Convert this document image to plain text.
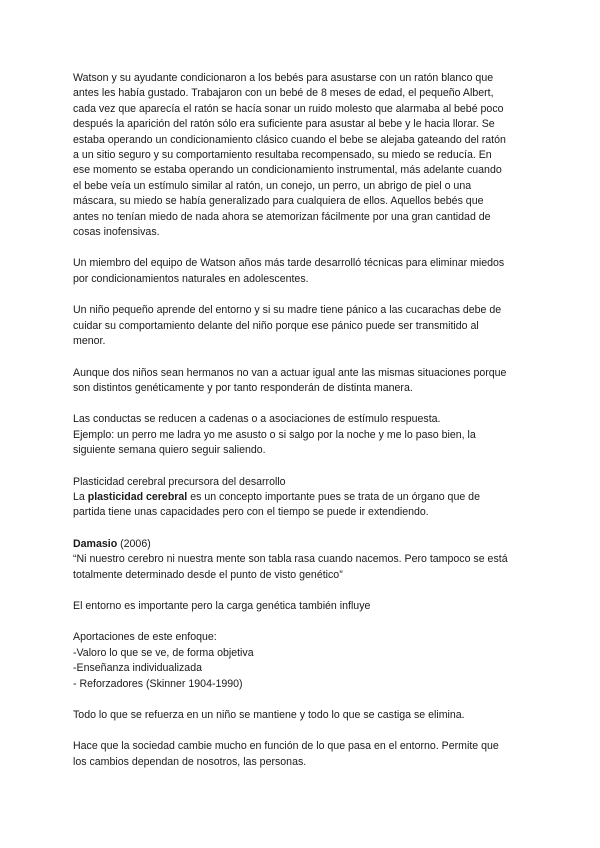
Watson y su ayudante condicionaron a los bebés para asustarse con un ratón blanco que
antes les había gustado. Trabajaron con un bebé de 8 meses de edad, el pequeño Albert,
cada vez que aparecía el ratón se hacía sonar un ruido molesto que alarmaba al bebé poco
después la aparición del ratón sólo era suficiente para asustar al bebe y le hacia llorar. Se
estaba operando un condicionamiento clásico cuando el bebe se alejaba gateando del ratón
a un sitio seguro y su comportamiento resultaba recompensado, su miedo se reducía. En
ese momento se estaba operando un condicionamiento instrumental, más adelante cuando
el bebe veía un estímulo similar al ratón, un conejo, un perro, un abrigo de piel o una
máscara, su miedo se había generalizado para cualquiera de ellos. Aquellos bebés que
antes no tenían miedo de nada ahora se atemorizan fácilmente por una gran cantidad de
cosas inofensivas.

Un miembro del equipo de Watson años más tarde desarrolló técnicas para eliminar miedos
por condicionamientos naturales en adolescentes.

Un niño pequeño aprende del entorno y si su madre tiene pánico a las cucarachas debe de
cuidar su comportamiento delante del niño porque ese pánico puede ser transmitido al
menor.

Aunque dos niños sean hermanos no van a actuar igual ante las mismas situaciones porque
son distintos genéticamente y por tanto responderán de distinta manera.

Las conductas se reducen a cadenas o a asociaciones de estímulo respuesta.
Ejemplo: un perro me ladra yo me asusto o si salgo por la noche y me lo paso bien, la
siguiente semana quiero seguir saliendo.

Plasticidad cerebral precursora del desarrollo
La plasticidad cerebral es un concepto importante pues se trata de un órgano que de
partida tiene unas capacidades pero con el tiempo se puede ir extendiendo.

Damasio (2006)
“Ni nuestro cerebro ni nuestra mente son tabla rasa cuando nacemos. Pero tampoco se está
totalmente determinado desde el punto de visto genético”

El entorno es importante pero la carga genética también influye

Aportaciones de este enfoque:
-Valoro lo que se ve, de forma objetiva
-Enseñanza individualizada
- Reforzadores (Skinner 1904-1990)

Todo lo que se refuerza en un niño se mantiene y todo lo que se castiga se elimina.

Hace que la sociedad cambie mucho en función de lo que pasa en el entorno. Permite que
los cambios dependan de nosotros, las personas.
